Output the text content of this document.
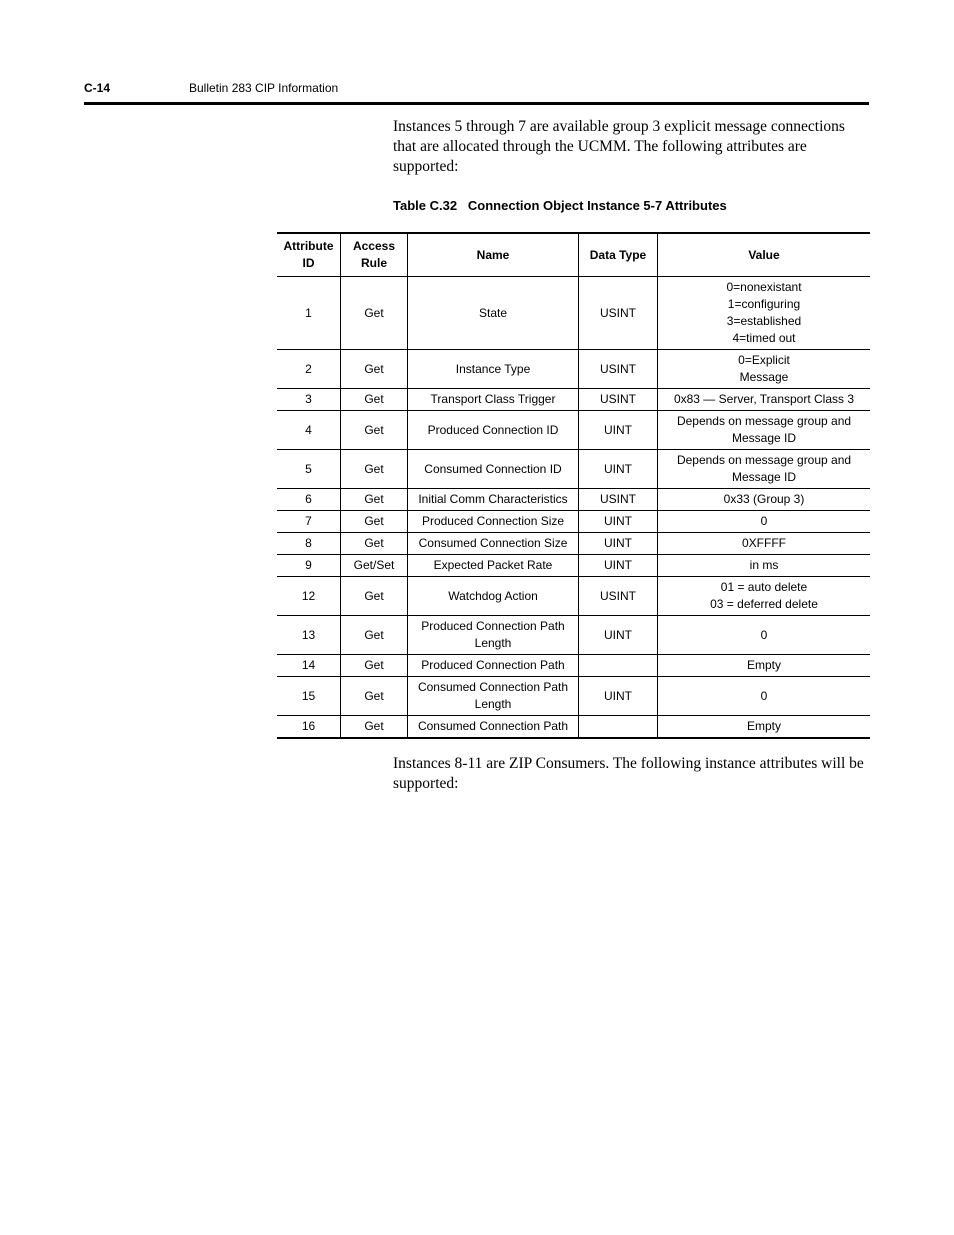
C-14	Bulletin 283 CIP Information

Instances 5 through 7 are available group 3 explicit message connections that are allocated through the UCMM. The following attributes are supported:

Table C.32   Connection Object Instance 5-7 Attributes
Attribute ID	Access Rule	Name	Data Type	Value
1	Get	State	USINT	0=nonexistant
1=configuring
3=established
4=timed out

2	Get	Instance Type	USINT	0=Explicit
Message

3	Get	Transport Class Trigger	USINT	0x83 — Server, Transport Class 3

4	Get	Produced Connection ID	UINT	Depends on message group and
Message ID

5	Get	Consumed Connection ID	UINT	Depends on message group and
Message ID

6	Get	Initial Comm Characteristics	USINT	0x33 (Group 3)

7	Get	Produced Connection Size	UINT	0

8	Get	Consumed Connection Size	UINT	0XFFFF

9	Get/Set	Expected Packet Rate	UINT	in ms

12	Get	Watchdog Action	USINT	01 = auto delete
03 = deferred delete

13	Get	Produced Connection Path
Length	UINT	0

14	Get	Produced Connection Path		Empty

15	Get	Consumed Connection Path
Length	UINT	0

16	Get	Consumed Connection Path		Empty

Instances 8-11 are ZIP Consumers. The following instance attributes will be supported:
